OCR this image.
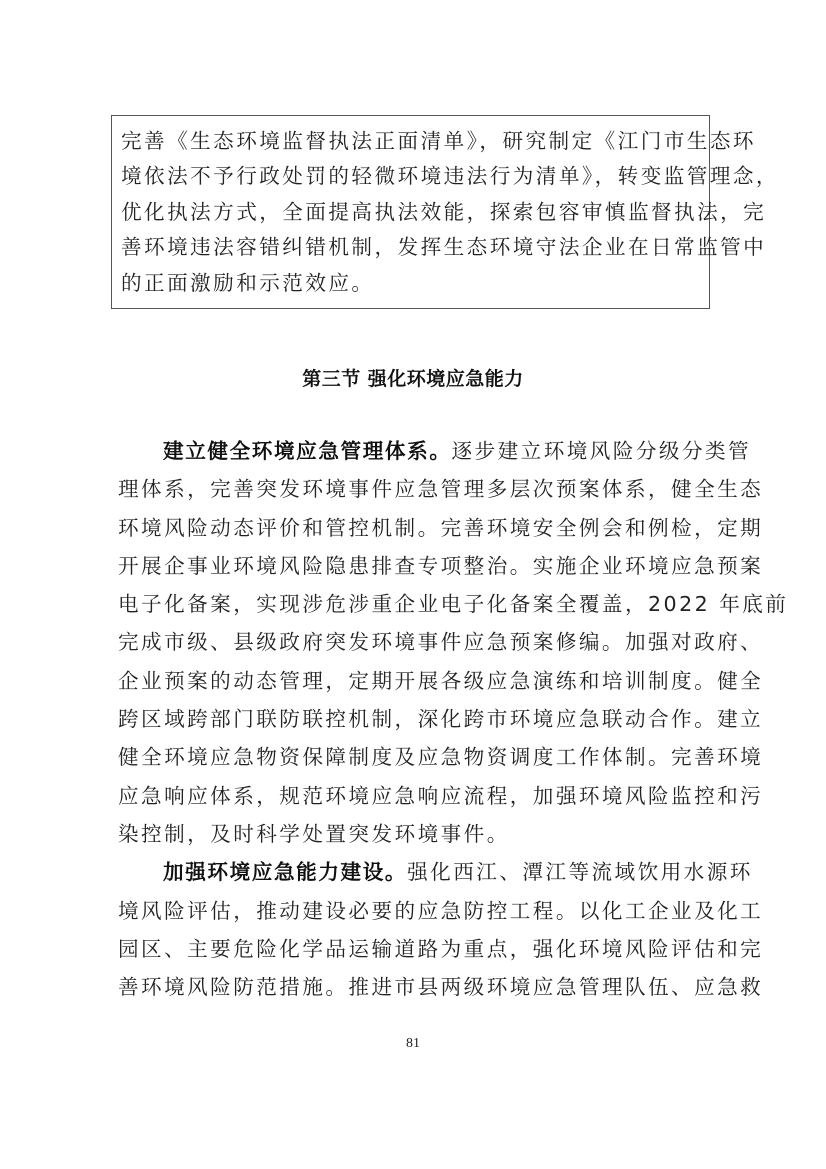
完善《生态环境监督执法正面清单》，研究制定《江门市生态环
境依法不予行政处罚的轻微环境违法行为清单》，转变监管理念，
优化执法方式，全面提高执法效能，探索包容审慎监督执法，完
善环境违法容错纠错机制，发挥生态环境守法企业在日常监管中
的正面激励和示范效应。
第三节 强化环境应急能力
建立健全环境应急管理体系。逐步建立环境风险分级分类管
理体系，完善突发环境事件应急管理多层次预案体系，健全生态
环境风险动态评价和管控机制。完善环境安全例会和例检，定期
开展企事业环境风险隐患排查专项整治。实施企业环境应急预案
电子化备案，实现涉危涉重企业电子化备案全覆盖，2022 年底前
完成市级、县级政府突发环境事件应急预案修编。加强对政府、
企业预案的动态管理，定期开展各级应急演练和培训制度。健全
跨区域跨部门联防联控机制，深化跨市环境应急联动合作。建立
健全环境应急物资保障制度及应急物资调度工作体制。完善环境
应急响应体系，规范环境应急响应流程，加强环境风险监控和污
染控制，及时科学处置突发环境事件。
加强环境应急能力建设。强化西江、潭江等流域饮用水源环
境风险评估，推动建设必要的应急防控工程。以化工企业及化工
园区、主要危险化学品运输道路为重点，强化环境风险评估和完
善环境风险防范措施。推进市县两级环境应急管理队伍、应急救
81
